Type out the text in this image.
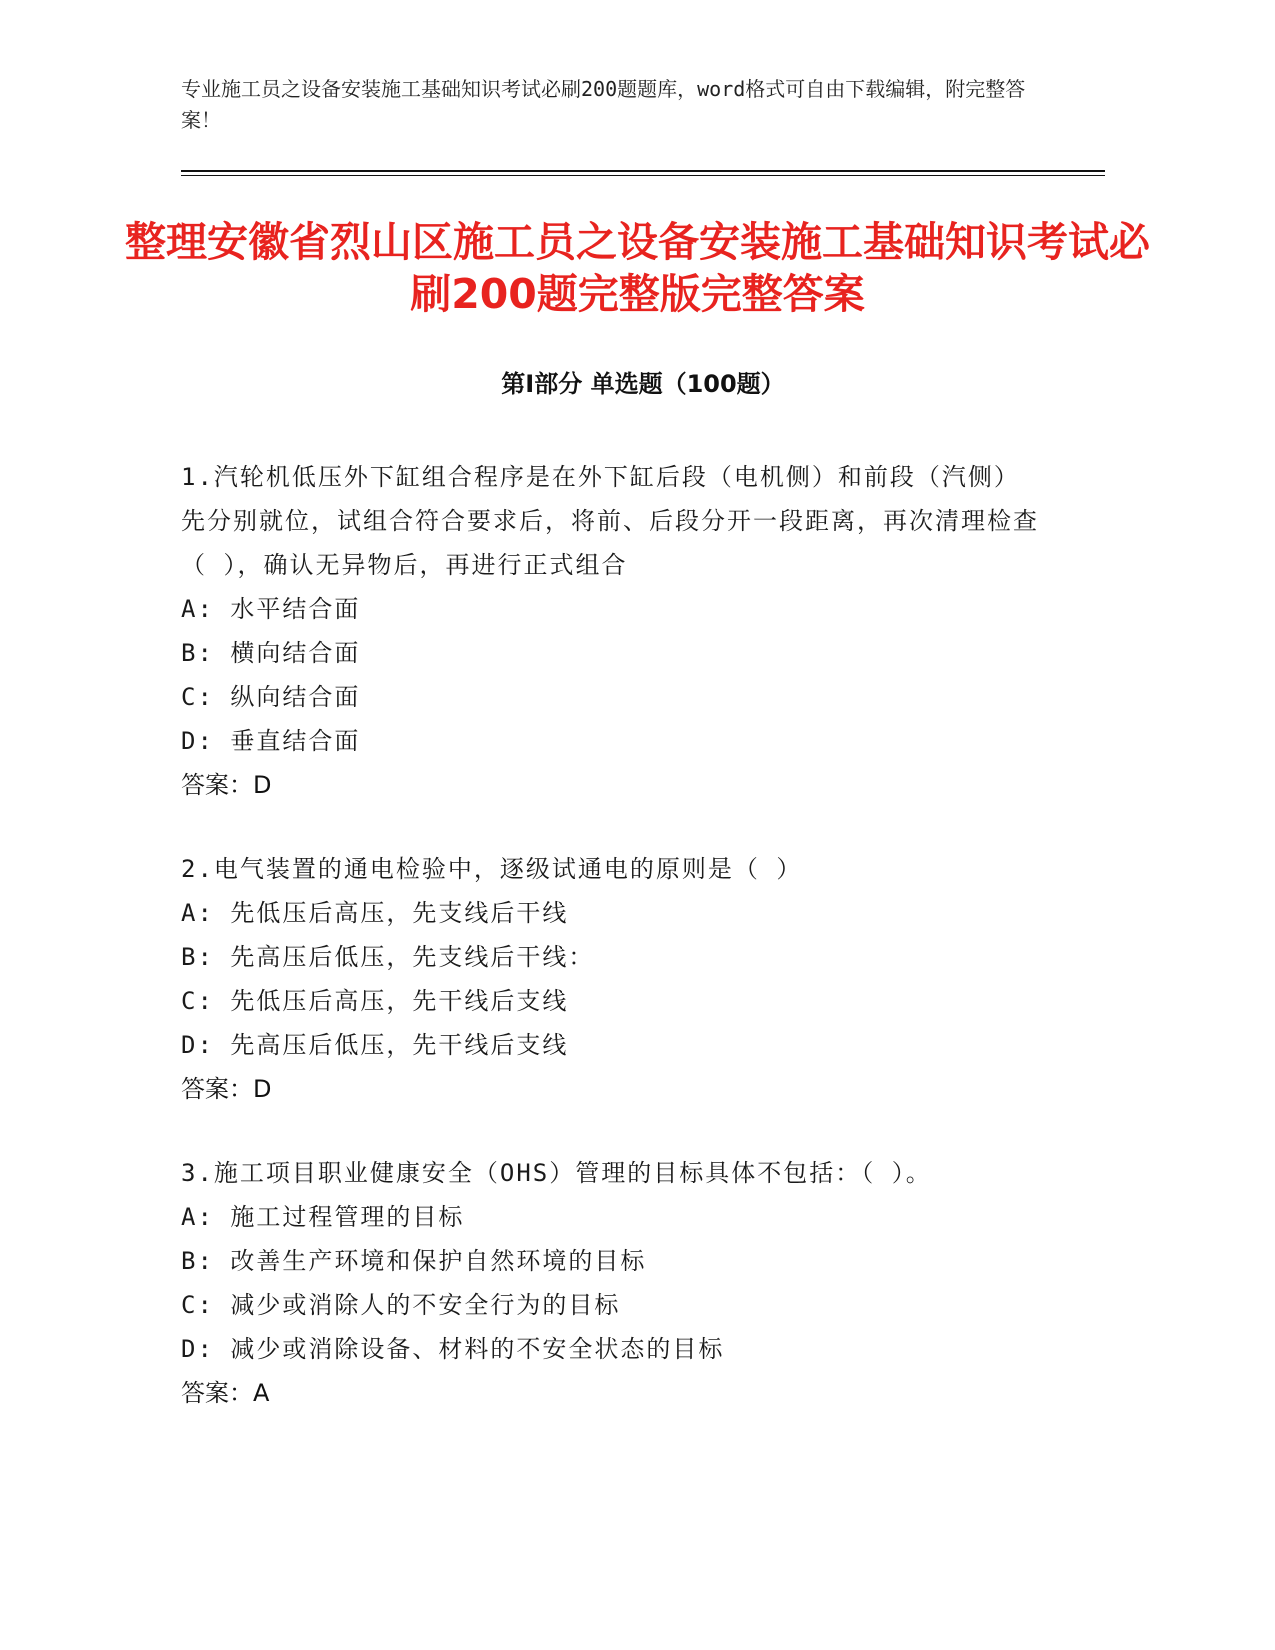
专业施工员之设备安装施工基础知识考试必刷200题题库，word格式可自由下载编辑，附完整答案！

整理安徽省烈山区施工员之设备安装施工基础知识考试必刷200题完整版完整答案
第Ⅰ部分 单选题（100题）
1.汽轮机低压外下缸组合程序是在外下缸后段（电机侧）和前段（汽侧）先分别就位，试组合符合要求后，将前、后段分开一段距离，再次清理检查（ ），确认无异物后，再进行正式组合
A: 水平结合面
B: 横向结合面
C: 纵向结合面
D: 垂直结合面
答案：D
2.电气装置的通电检验中，逐级试通电的原则是（ ）
A: 先低压后高压，先支线后干线
B: 先高压后低压，先支线后干线：
C: 先低压后高压，先干线后支线
D: 先高压后低压，先干线后支线
答案：D
3.施工项目职业健康安全（OHS）管理的目标具体不包括：（ ）。
A: 施工过程管理的目标
B: 改善生产环境和保护自然环境的目标
C: 减少或消除人的不安全行为的目标
D: 减少或消除设备、材料的不安全状态的目标
答案：A
